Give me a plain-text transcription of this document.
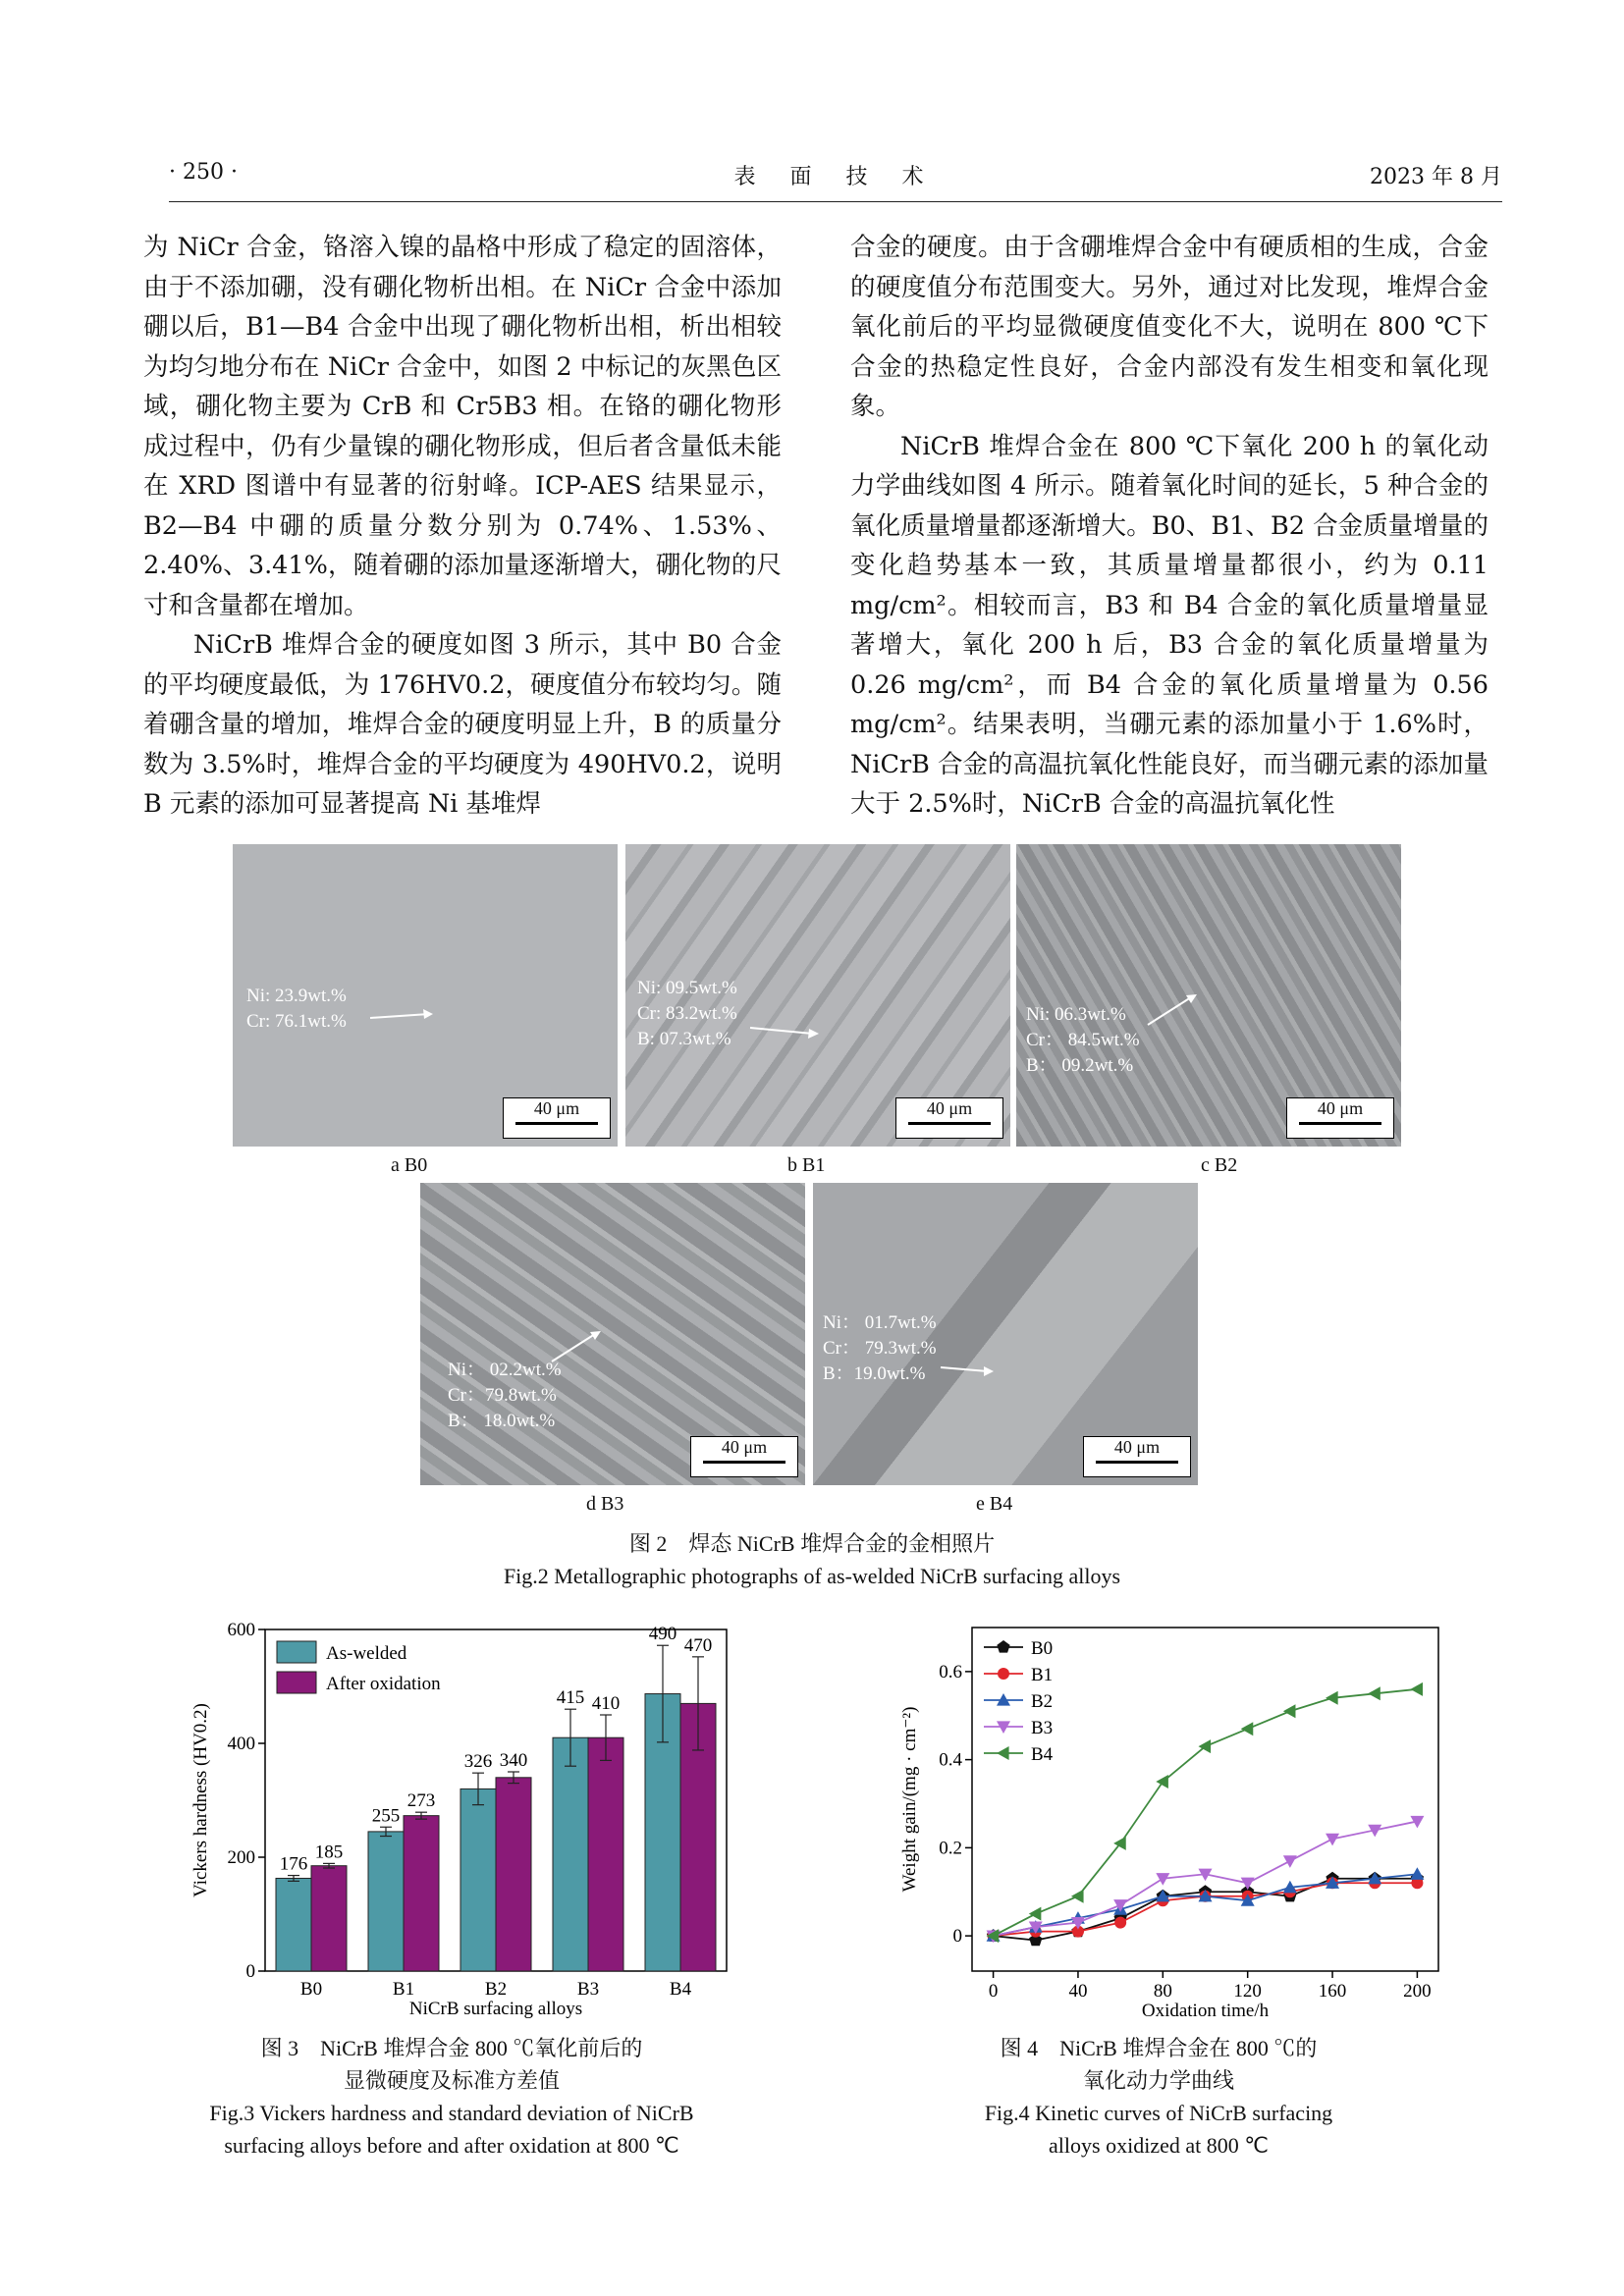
· 250 ·	表 面 技 术	2023 年 8 月

为 NiCr 合金，铬溶入镍的晶格中形成了稳定的固溶体，由于不添加硼，没有硼化物析出相。在 NiCr 合金中添加硼以后，B1—B4 合金中出现了硼化物析出相，析出相较为均匀地分布在 NiCr 合金中，如图 2 中标记的灰黑色区域，硼化物主要为 CrB 和 Cr5B3 相。在铬的硼化物形成过程中，仍有少量镍的硼化物形成，但后者含量低未能在 XRD 图谱中有显著的衍射峰。ICP-AES 结果显示，B2—B4 中硼的质量分数分别为 0.74%、1.53%、2.40%、3.41%，随着硼的添加量逐渐增大，硼化物的尺寸和含量都在增加。

NiCrB 堆焊合金的硬度如图 3 所示，其中 B0 合金的平均硬度最低，为 176HV0.2，硬度值分布较均匀。随着硼含量的增加，堆焊合金的硬度明显上升，B 的质量分数为 3.5%时，堆焊合金的平均硬度为 490HV0.2，说明 B 元素的添加可显著提高 Ni 基堆焊

合金的硬度。由于含硼堆焊合金中有硬质相的生成，合金的硬度值分布范围变大。另外，通过对比发现，堆焊合金氧化前后的平均显微硬度值变化不大，说明在 800 ℃下合金的热稳定性良好，合金内部没有发生相变和氧化现象。

NiCrB 堆焊合金在 800 ℃下氧化 200 h 的氧化动力学曲线如图 4 所示。随着氧化时间的延长，5 种合金的氧化质量增量都逐渐增大。B0、B1、B2 合金质量增量的变化趋势基本一致，其质量增量都很小，约为 0.11 mg/cm²。相较而言，B3 和 B4 合金的氧化质量增量显著增大，氧化 200 h 后，B3 合金的氧化质量增量为 0.26 mg/cm²，而 B4 合金的氧化质量增量为 0.56 mg/cm²。结果表明，当硼元素的添加量小于 1.6%时，NiCrB 合金的高温抗氧化性能良好，而当硼元素的添加量大于 2.5%时，NiCrB 合金的高温抗氧化性

Ni: 23.9wt.%
Cr: 76.1wt.%
40 μm
Ni: 09.5wt.%
Cr: 83.2wt.%
B: 07.3wt.%
40 μm
Ni: 06.3wt.%
Cr： 84.5wt.%
B： 09.2wt.%
40 μm
a B0	b B1	c B2
Ni： 02.2wt.%
Cr：79.8wt.%
B： 18.0wt.%
40 μm
Ni： 01.7wt.%
Cr： 79.3wt.%
B：19.0wt.%
40 μm
d B3	e B4
图 2　焊态 NiCrB 堆焊合金的金相照片
Fig.2 Metallographic photographs of as-welded NiCrB surfacing alloys
0
200
400
600
B0
176
185
B1
255
273
B2
326 340
B3
415 410
B4
490
470
NiCrB surfacing alloys
Vickers hardness (HV0.2)
As-welded
After oxidation
图 3　NiCrB 堆焊合金 800 ℃氧化前后的
显微硬度及标准方差值
Fig.3 Vickers hardness and standard deviation of NiCrB
surfacing alloys before and after oxidation at 800 ℃
0	40	80	120	160	200
0
0.2
0.4
0.6
Oxidation time/h
Weight gain/(mg · cm⁻²)
B0
B1
B2
B3
B4
图 4　NiCrB 堆焊合金在 800 ℃的
氧化动力学曲线
Fig.4 Kinetic curves of NiCrB surfacing
alloys oxidized at 800 ℃
